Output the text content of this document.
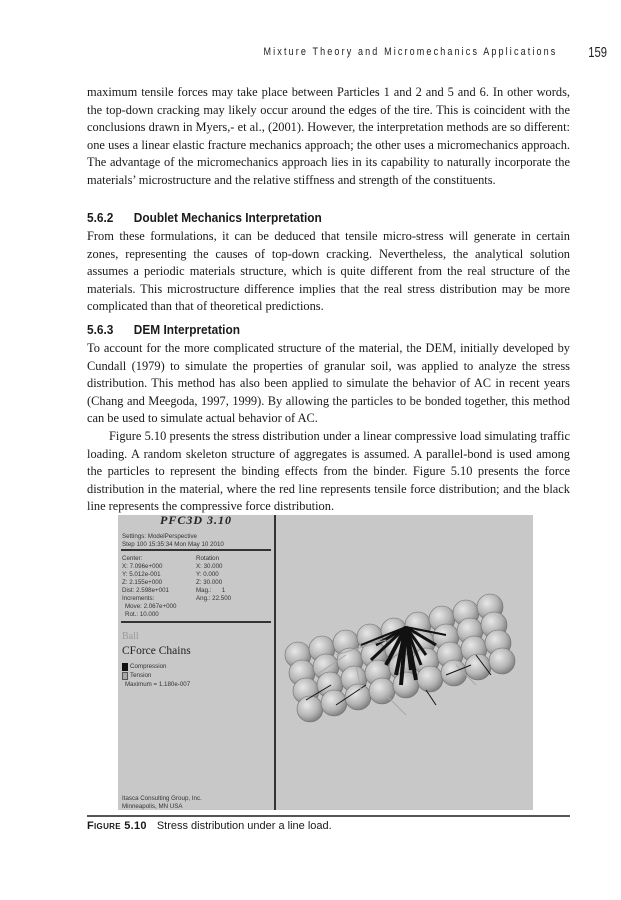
Mixture Theory and Micromechanics Applications 159

maximum tensile forces may take place between Particles 1 and 2 and 5 and 6. In other words, the top-down cracking may likely occur around the edges of the tire. This is coincident with the conclusions drawn in Myers,- et al., (2001). However, the interpretation methods are so different: one uses a linear elastic fracture mechanics approach; the other uses a micromechanics approach. The advantage of the micromechanics approach lies in its capability to naturally incorporate the materials’ microstructure and the relative stiffness and strength of the constituents.

5.6.2 Doublet Mechanics Interpretation

From these formulations, it can be deduced that tensile micro-stress will generate in certain zones, representing the causes of top-down cracking. Nevertheless, the analytical solution assumes a periodic materials structure, which is quite different from the real structure of the materials. This microstructure difference implies that the real stress distribution may be more complicated than that of theoretical predictions.

5.6.3 DEM Interpretation

To account for the more complicated structure of the material, the DEM, initially developed by Cundall (1979) to simulate the properties of granular soil, was applied to analyze the stress distribution. This method has also been applied to simulate the behavior of AC in recent years (Chang and Meegoda, 1997, 1999). By allowing the particles to be bonded together, this method can be used to simulate actual behavior of AC.

Figure 5.10 presents the stress distribution under a linear compressive load simulating traffic loading. A random skeleton structure of aggregates is assumed. A parallel-bond is used among the particles to represent the binding effects from the binder. Figure 5.10 presents the force distribution in the material, where the red line represents tensile force distribution; and the black line represents the compressive force distribution.

PFC3D 3.10
Settings: ModelPerspective
Step 100 15:35:34 Mon May 10 2010
Center:
X: 7.096e+000
Y: 5.012e-001
Z: 2.155e+000
Dist: 2.598e+001
Increments:
Move: 2.067e+000
Rot.: 10.000
Rotation
X: 30.000
Y: 0.000
Z: 30.000
Mag.:      1
Ang.: 22.500
Ball
CForce Chains
Compression
Tension
Maximum = 1.180e-007
Itasca Consulting Group, Inc.
Minneapolis, MN USA
Figure 5.10 Stress distribution under a line load.
